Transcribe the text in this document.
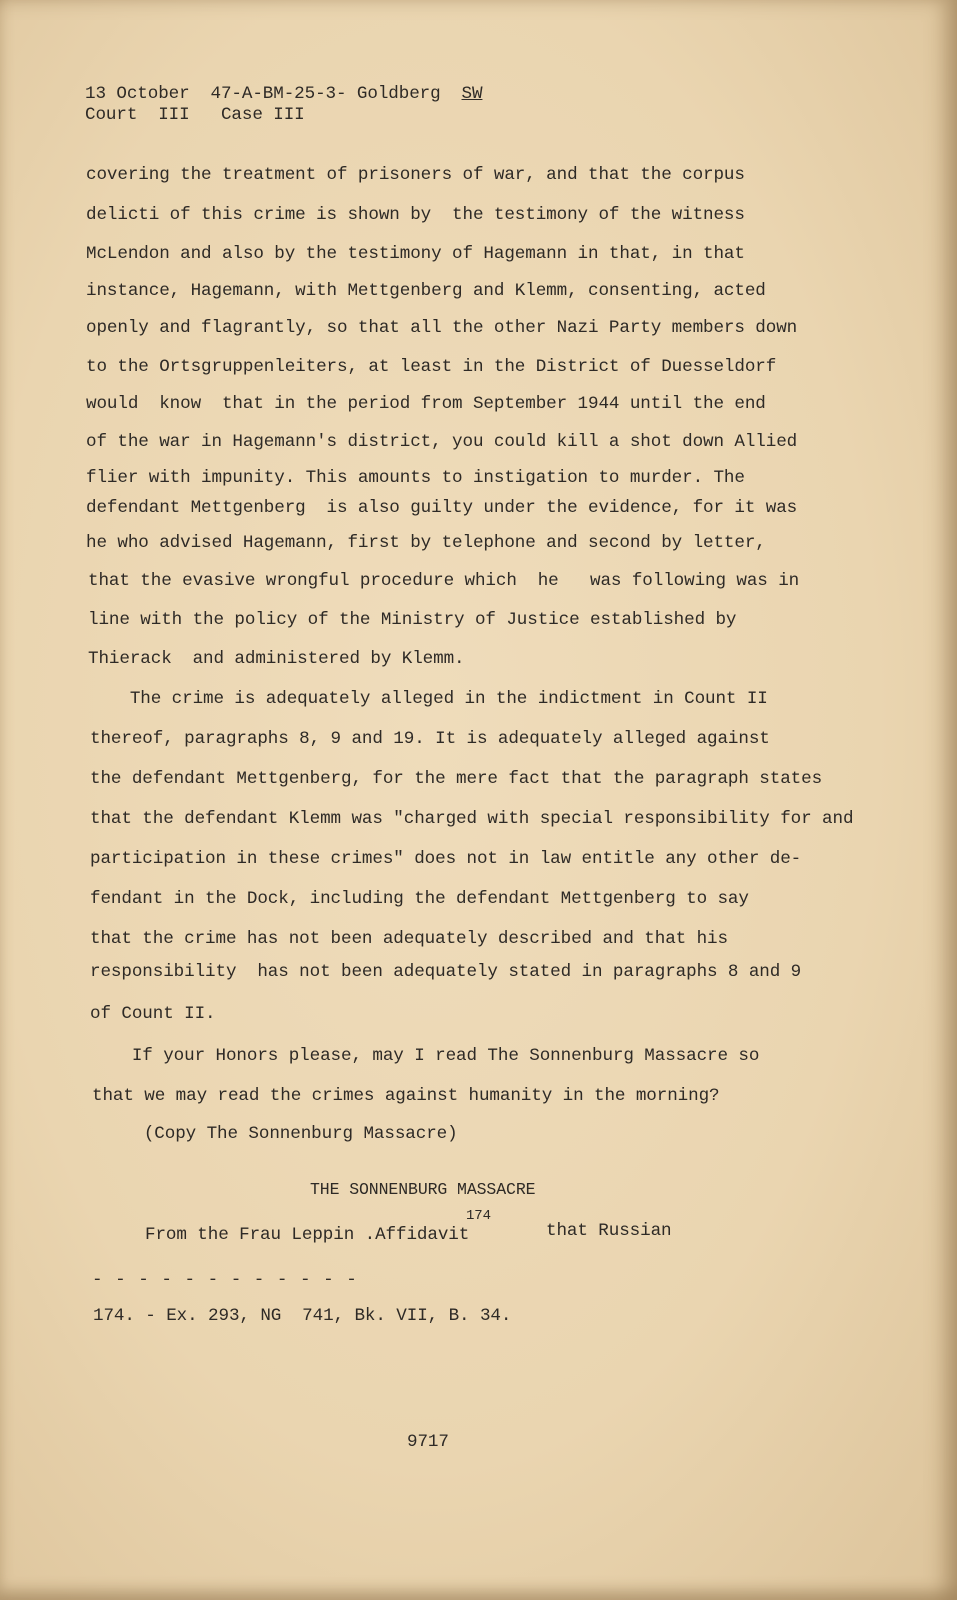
13 October 47-A-BM-25-3- Goldberg SW
Court  III   Case III
covering the treatment of prisoners of war, and that the corpus
delicti of this crime is shown by  the testimony of the witness
McLendon and also by the testimony of Hagemann in that, in that
instance, Hagemann, with Mettgenberg and Klemm, consenting, acted
openly and flagrantly, so that all the other Nazi Party members down
to the Ortsgruppenleiters, at least in the District of Duesseldorf
would  know  that in the period from September 1944 until the end
of the war in Hagemann's district, you could kill a shot down Allied
flier with impunity. This amounts to instigation to murder. The
defendant Mettgenberg  is also guilty under the evidence, for it was
he who advised Hagemann, first by telephone and second by letter,
that the evasive wrongful procedure which  he   was following was in
line with the policy of the Ministry of Justice established by
Thierack  and administered by Klemm.
The crime is adequately alleged in the indictment in Count II
thereof, paragraphs 8, 9 and 19. It is adequately alleged against
the defendant Mettgenberg, for the mere fact that the paragraph states
that the defendant Klemm was "charged with special responsibility for and
participation in these crimes" does not in law entitle any other de-
fendant in the Dock, including the defendant Mettgenberg to say
that the crime has not been adequately described and that his
responsibility  has not been adequately stated in paragraphs 8 and 9
of Count II.
If your Honors please, may I read The Sonnenburg Massacre so
that we may read the crimes against humanity in the morning?
(Copy The Sonnenburg Massacre)
THE SONNENBURG MASSACRE
From the Frau Leppin .Affidavit
174
that Russian
- - - - - - - - - - - -
174. - Ex. 293, NG  741, Bk. VII, B. 34.
9717
